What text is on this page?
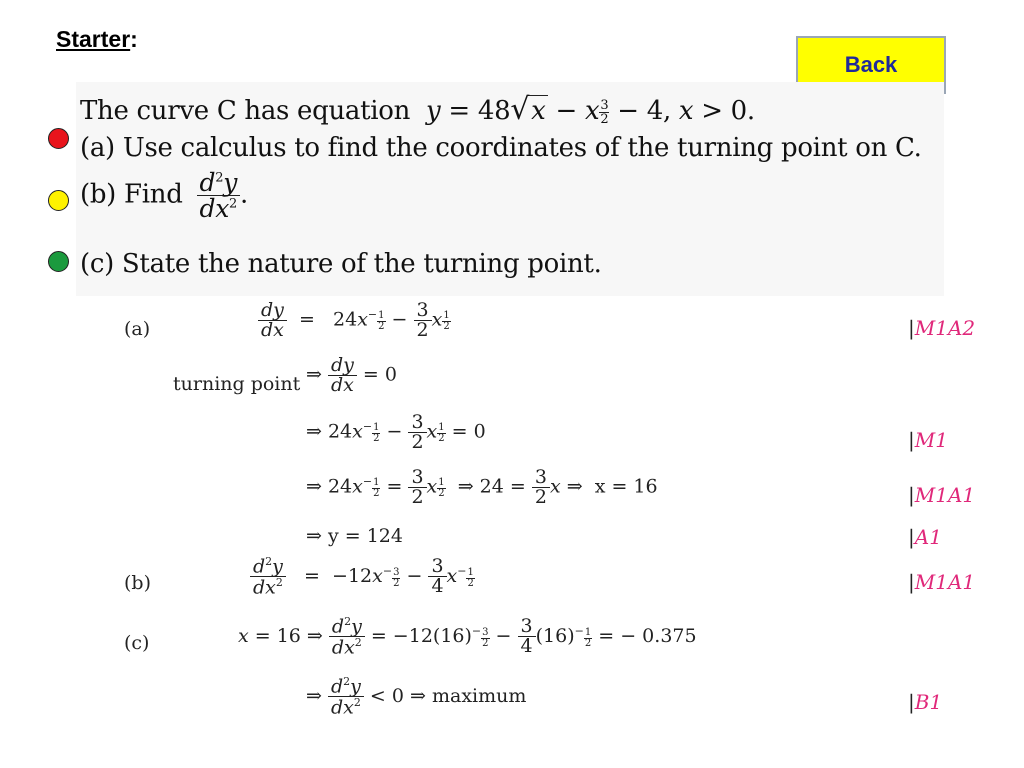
Starter:
Back
The curve C has equation y = 48√x − x $\frac{3}{2} - 4$, x > 0.
(a) Use calculus to find the coordinates of the turning point on C.
(b) Find $\frac{d^2y}{dx^2}$ .
(c) State the nature of the turning point.
(a)	$\frac{dy}{dx} = 24x^- \frac{1}{2} - \frac{3}{2}$ x $\frac{1}{2}$	|M1A2
turning point ⇒ $\frac{dy}{dx} = 0$
⇒ $24x^- \frac{1}{2} - \frac{3}{2}$ x $\frac{1}{2} = 0$	|M1
⇒ $24x^- \frac{1}{2} = \frac{3}{2}$ x $\frac{1}{2}$ ⇒ $24 = \frac{3}{2}$ x ⇒  x = 16	|M1A1
⇒ y = 124	|A1
(b)	$\frac{d^2y}{dx^2} = -12x^- \frac{3}{2} - \frac{3}{4} x^- \frac{1}{2}$	|M1A1
(c)	x = 16 ⇒ $\frac{d^2y}{dx^2} = -12(16)^- \frac{3}{2} - \frac{3}{4} (16)^- \frac{1}{2}$ = − 0.375
⇒ $\frac{d^2y}{dx^2} < 0$ ⇒ maximum	|B1
